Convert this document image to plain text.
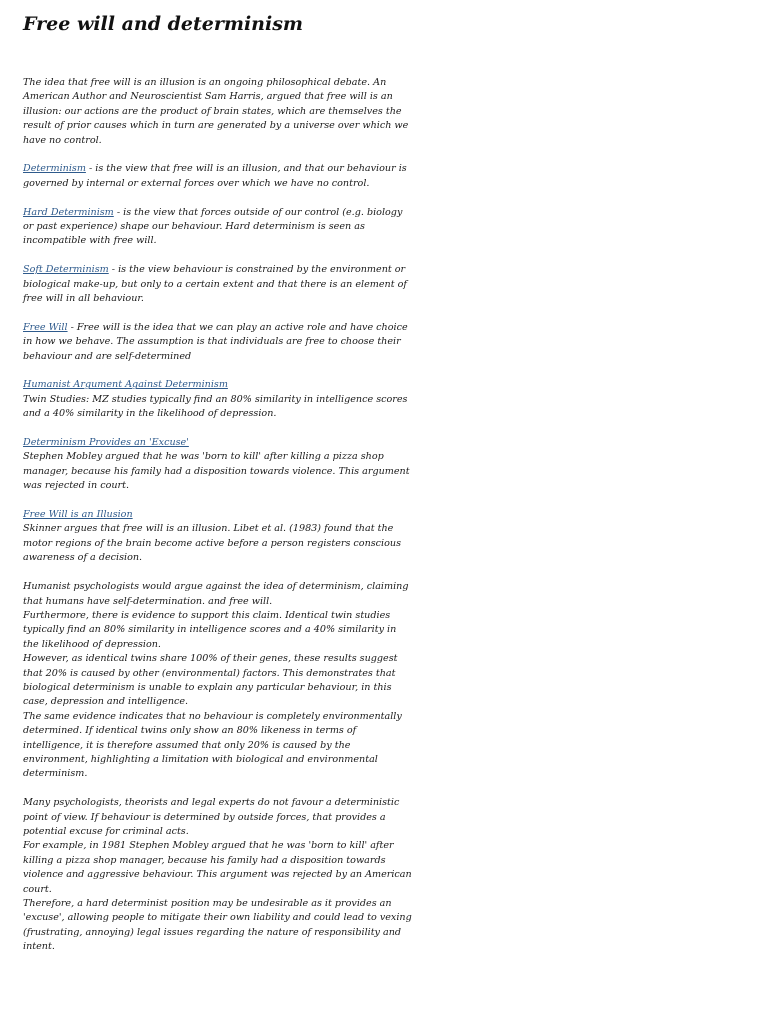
Free will and determinism

The idea that free will is an illusion is an ongoing philosophical debate. An American Author and Neuroscientist Sam Harris, argued that free will is an illusion: our actions are the product of brain states, which are themselves the result of prior causes which in turn are generated by a universe over which we have no control.

Determinism - is the view that free will is an illusion, and that our behaviour is governed by internal or external forces over which we have no control.

Hard Determinism - is the view that forces outside of our control (e.g. biology or past experience) shape our behaviour. Hard determinism is seen as incompatible with free will.

Soft Determinism - is the view behaviour is constrained by the environment or biological make-up, but only to a certain extent and that there is an element of free will in all behaviour.

Free Will - Free will is the idea that we can play an active role and have choice in how we behave. The assumption is that individuals are free to choose their behaviour and are self-determined

Humanist Argument Against Determinism

Twin Studies: MZ studies typically find an 80% similarity in intelligence scores and a 40% similarity in the likelihood of depression.

Determinism Provides an 'Excuse'

Stephen Mobley argued that he was 'born to kill' after killing a pizza shop manager, because his family had a disposition towards violence. This argument was rejected in court.

Free Will is an Illusion

Skinner argues that free will is an illusion. Libet et al. (1983) found that the motor regions of the brain become active before a person registers conscious awareness of a decision.

Humanist psychologists would argue against the idea of determinism, claiming that humans have self-determination. and free will.

Furthermore, there is evidence to support this claim. Identical twin studies typically find an 80% similarity in intelligence scores and a 40% similarity in the likelihood of depression.

However, as identical twins share 100% of their genes, these results suggest that 20% is caused by other (environmental) factors. This demonstrates that biological determinism is unable to explain any particular behaviour, in this case, depression and intelligence.

The same evidence indicates that no behaviour is completely environmentally determined. If identical twins only show an 80% likeness in terms of intelligence, it is therefore assumed that only 20% is caused by the environment, highlighting a limitation with biological and environmental determinism.

Many psychologists, theorists and legal experts do not favour a deterministic point of view. If behaviour is determined by outside forces, that provides a potential excuse for criminal acts.

For example, in 1981 Stephen Mobley argued that he was 'born to kill' after killing a pizza shop manager, because his family had a disposition towards violence and aggressive behaviour. This argument was rejected by an American court.

Therefore, a hard determinist position may be undesirable as it provides an 'excuse', allowing people to mitigate their own liability and could lead to vexing (frustrating, annoying) legal issues regarding the nature of responsibility and intent.
